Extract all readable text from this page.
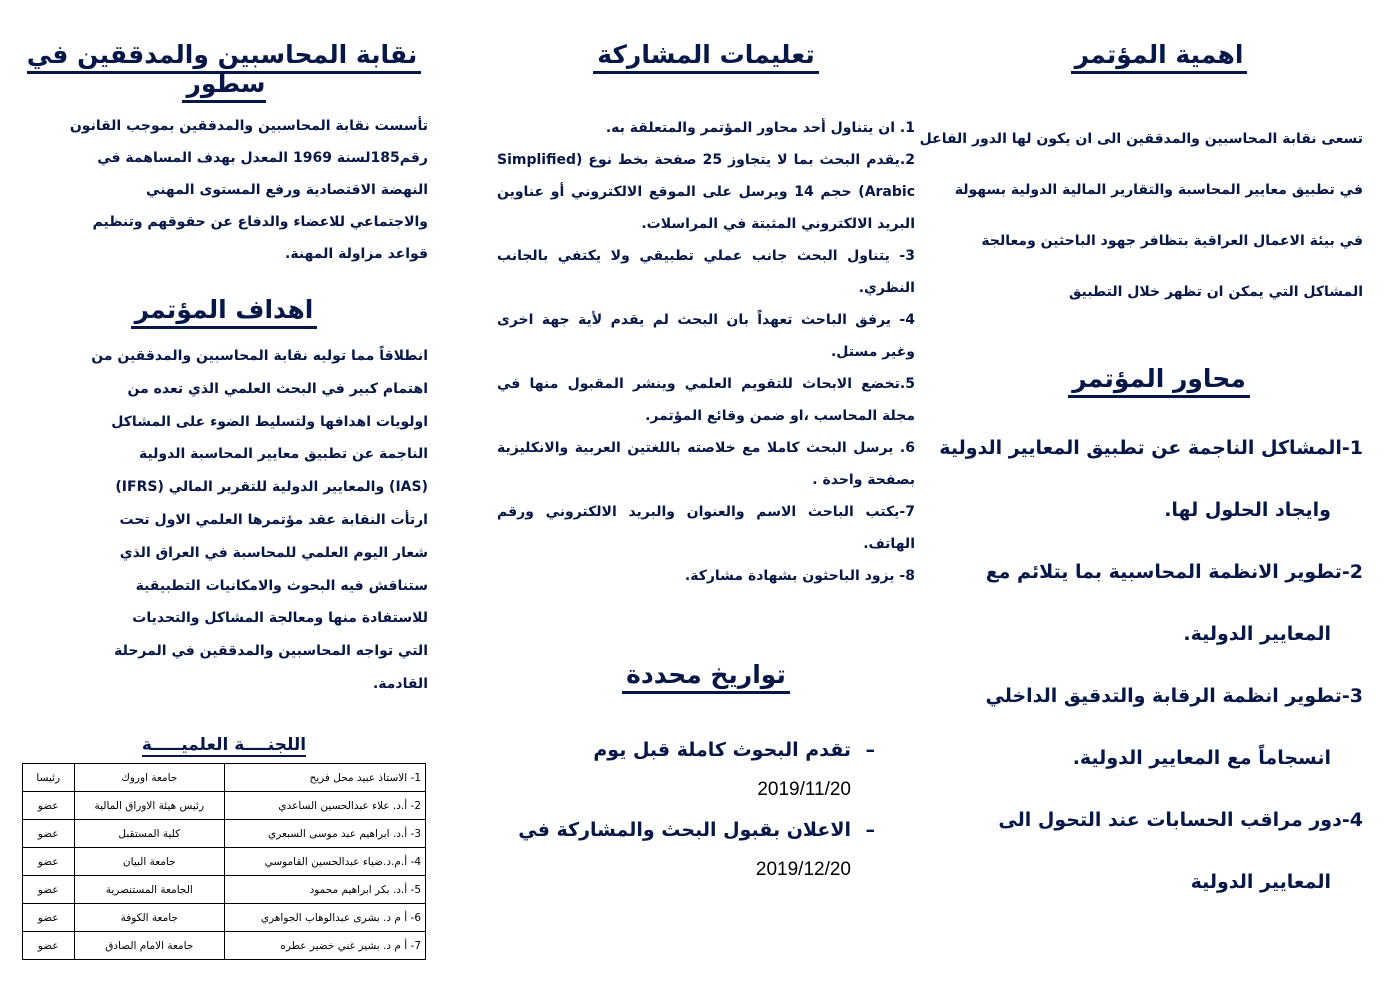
اهمية المؤتمر
تسعى نقابة المحاسبين والمدققين الى ان يكون لها الدور الفاعل
في تطبيق معايير المحاسبة والتقارير المالية الدولية بسهولة
في بيئة الاعمال العراقية بتظافر جهود الباحثين ومعالجة
المشاكل التي يمكن ان تظهر خلال التطبيق
محاور المؤتمر
1-المشاكل الناجمة عن تطبيق المعايير الدولية
وايجاد الحلول لها.
2-تطوير الانظمة المحاسبية بما يتلائم مع
المعايير الدولية.
3-تطوير انظمة الرقابة والتدقيق الداخلي
انسجاماً مع المعايير الدولية.
4-دور مراقب الحسابات عند التحول الى
المعايير الدولية
تعليمات المشاركة
1. ان يتناول أحد محاور المؤتمر والمتعلقة به.
2.يقدم البحث بما لا يتجاوز 25 صفحة بخط نوع (Simplified Arabic) حجم 14 ويرسل على الموقع الالكتروني أو عناوين البريد الالكتروني المثبتة في المراسلات.
3- يتناول البحث جانب عملي تطبيقي ولا يكتفي بالجانب النظري.
4- يرفق الباحث تعهداً بان البحث لم يقدم لأية جهة اخرى وغير مستل.
5.تخضع الابحاث للتقويم العلمي وينشر المقبول منها في مجلة المحاسب ،او ضمن وقائع المؤتمر.
6. يرسل البحث كاملا مع خلاصته باللغتين العربية والانكليزية بصفحة واحدة .
7-يكتب الباحث الاسم والعنوان والبريد الالكتروني ورقم الهاتف.
8- يزود الباحثون بشهادة مشاركة.
تواريخ محددة
–
تقدم البحوث كاملة قبل يوم
2019/11/20
–
الاعلان بقبول البحث والمشاركة في
2019/12/20
نقابة المحاسبين والمدققين في سطور
تأسست نقابة المحاسبين والمدققين بموجب القانون
رقم185لسنة 1969 المعدل بهدف المساهمة في
النهضة الاقتصادية ورفع المستوى المهني
والاجتماعي للاعضاء والدفاع عن حقوقهم وتنظيم
قواعد مزاولة المهنة.
اهداف المؤتمر
انطلاقاً مما توليه نقابة المحاسبين والمدققين من
اهتمام كبير في البحث العلمي الذي تعده من
اولويات اهدافها ولتسليط الضوء على المشاكل
الناجمة عن تطبيق معايير المحاسبة الدولية
(IAS) والمعايير الدولية للتقرير المالي (IFRS)
ارتأت النقابة عقد مؤتمرها العلمي الاول تحت
شعار اليوم العلمي للمحاسبة في العراق الذي
ستناقش فيه البحوث والامكانيات التطبيقية
للاستفادة منها ومعالجة المشاكل والتحديات
التي تواجه المحاسبين والمدققين في المرحلة
القادمة.
اللجنــــة العلميـــــة
1- الاستاذ عبيد محل فريح	جامعة اوروك	رئيسا
2- أ.د. علاء عبدالحسين الساعدي	رئيس هيئة الاوراق المالية	عضو
3- أ.د. ابراهيم عبد موسى السبعري	كلية المستقبل	عضو
4- أ.م.د.ضياء عبدالحسين القاموسي	جامعة البيان	عضو
5- أ.د. بكر ابراهيم محمود	الجامعة المستنصرية	عضو
6- أ م د. بشرى عبدالوهاب الجواهري	جامعة الكوفة	عضو
7- أ م د. بشير غني خضير عطره	جامعة الامام الصادق	عضو
